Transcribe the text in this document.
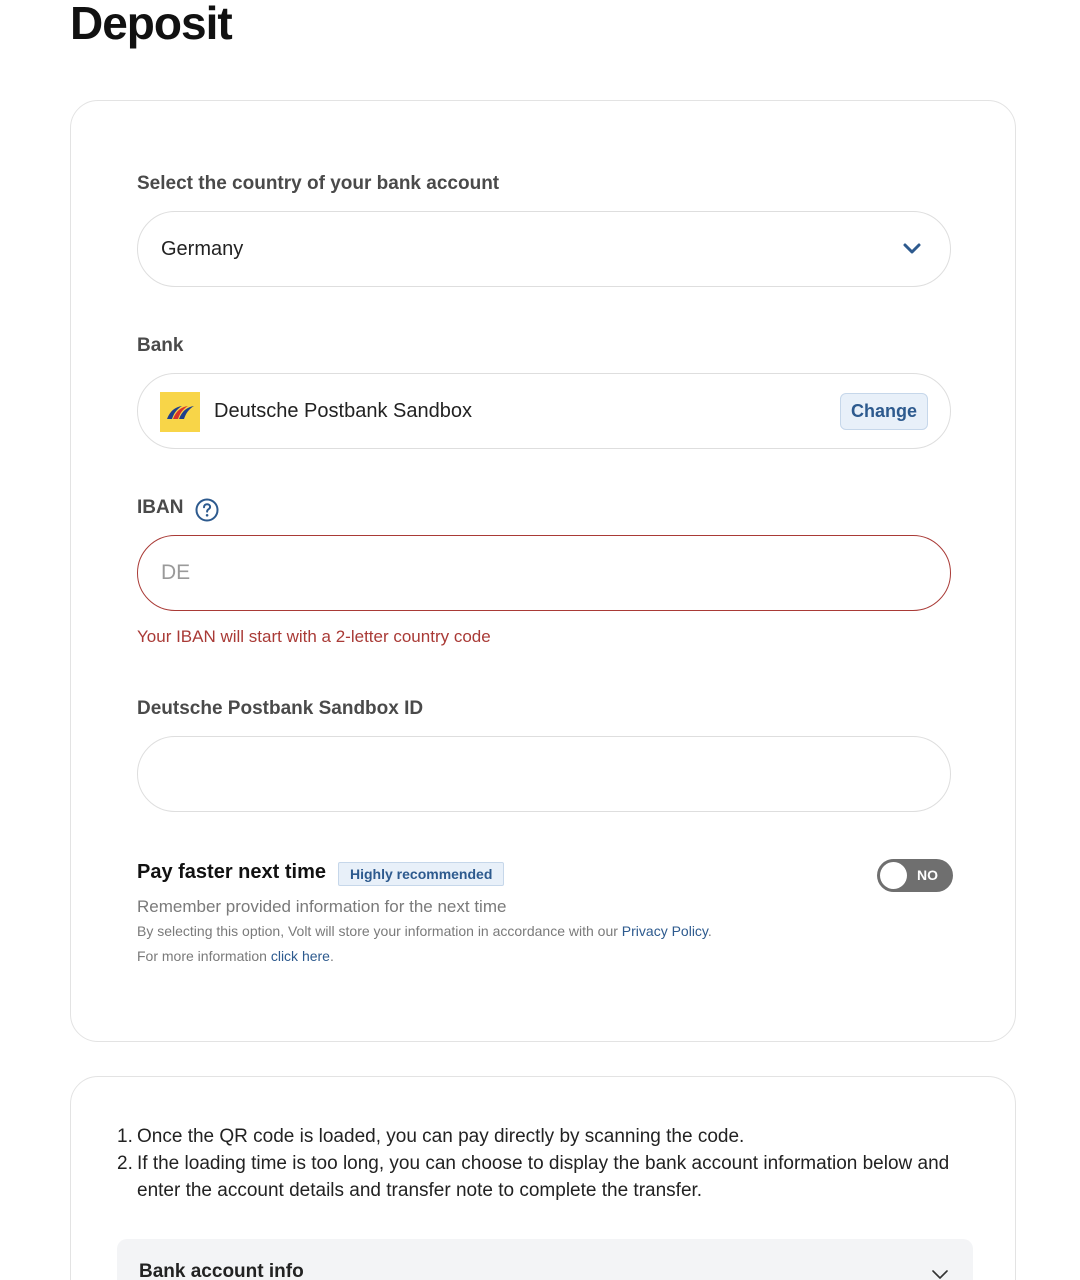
Deposit
Select the country of your bank account
Germany
Bank
Deutsche Postbank Sandbox	Change
IBAN
DE
Your IBAN will start with a 2-letter country code
Deutsche Postbank Sandbox ID
Pay faster next time	Highly recommended	NO
Remember provided information for the next time
By selecting this option, Volt will store your information in accordance with our Privacy Policy. For more information click here.
1. Once the QR code is loaded, you can pay directly by scanning the code.
2. If the loading time is too long, you can choose to display the bank account information below and enter the account details and transfer note to complete the transfer.
Bank account info
